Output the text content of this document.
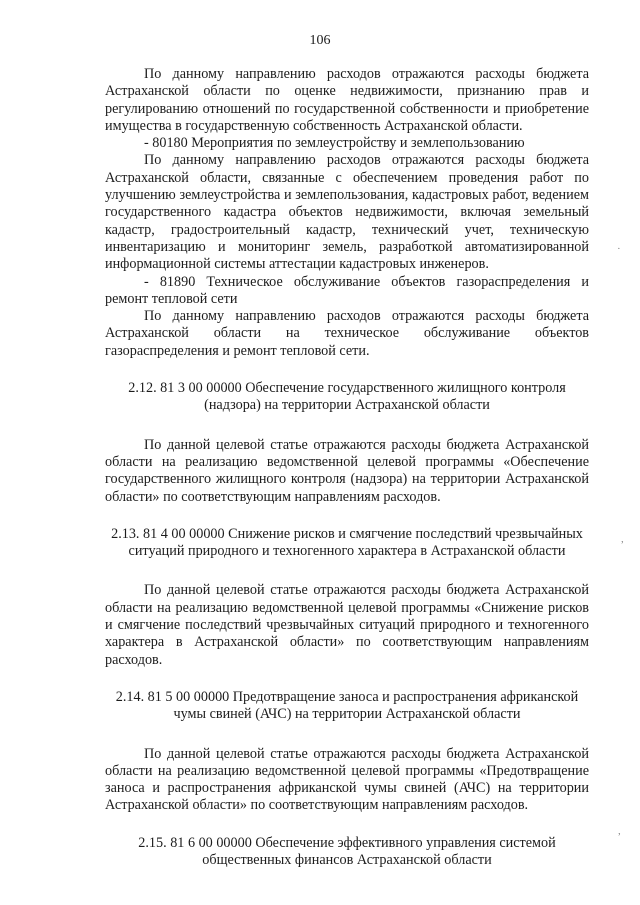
106

По данному направлению расходов отражаются расходы бюджета Астраханской области по оценке недвижимости, признанию прав и регулированию отношений по государственной собственности и приобретение имущества в государственную собственность Астраханской области.

- 80180 Мероприятия по землеустройству и землепользованию

По данному направлению расходов отражаются расходы бюджета Астраханской области, связанные с обеспечением проведения работ по улучшению землеустройства и землепользования, кадастровых работ, ведением государственного кадастра объектов недвижимости, включая земельный кадастр, градостроительный кадастр, технический учет, техническую инвентаризацию и мониторинг земель, разработкой автоматизированной информационной системы аттестации кадастровых инженеров.

- 81890 Техническое обслуживание объектов газораспределения и ремонт тепловой сети

По данному направлению расходов отражаются расходы бюджета Астраханской области на техническое обслуживание объектов газораспределения и ремонт тепловой сети.

2.12. 81 3 00 00000 Обеспечение государственного жилищного контроля (надзора) на территории Астраханской области

По данной целевой статье отражаются расходы бюджета Астраханской области на реализацию ведомственной целевой программы «Обеспечение государственного жилищного контроля (надзора) на территории Астраханской области» по соответствующим направлениям расходов.

2.13. 81 4 00 00000 Снижение рисков и смягчение последствий чрезвычайных ситуаций природного и техногенного характера в Астраханской области

По данной целевой статье отражаются расходы бюджета Астраханской области на реализацию ведомственной целевой программы «Снижение рисков и смягчение последствий чрезвычайных ситуаций природного и техногенного характера в Астраханской области» по соответствующим направлениям расходов.

2.14. 81 5 00 00000 Предотвращение заноса и распространения африканской чумы свиней (АЧС) на территории Астраханской области

По данной целевой статье отражаются расходы бюджета Астраханской области на реализацию ведомственной целевой программы «Предотвращение заноса и распространения африканской чумы свиней (АЧС) на территории Астраханской области» по соответствующим направлениям расходов.

2.15. 81 6 00 00000 Обеспечение эффективного управления системой общественных финансов Астраханской области

·
,
,
